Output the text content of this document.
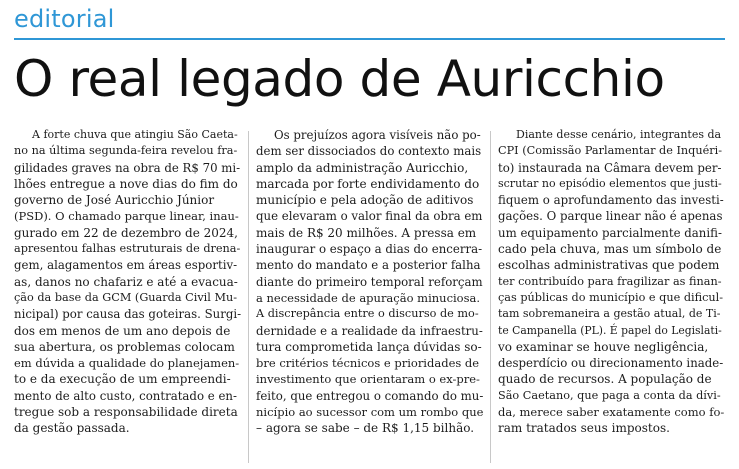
editorial
O real legado de Auricchio
A forte chuva que atingiu São Caeta-
no na última segunda-feira revelou fra-
gilidades graves na obra de R$ 70 mi-
lhões entregue a nove dias do fim do
governo de José Auricchio Júnior
(PSD). O chamado parque linear, inau-
gurado em 22 de dezembro de 2024,
apresentou falhas estruturais de drena-
gem, alagamentos em áreas esportiv-
as, danos no chafariz e até a evacua-
ção da base da GCM (Guarda Civil Mu-
nicipal) por causa das goteiras. Surgi-
dos em menos de um ano depois de
sua abertura, os problemas colocam
em dúvida a qualidade do planejamen-
to e da execução de um empreendi-
mento de alto custo, contratado e en-
tregue sob a responsabilidade direta
da gestão passada.
Os prejuízos agora visíveis não po-
dem ser dissociados do contexto mais
amplo da administração Auricchio,
marcada por forte endividamento do
município e pela adoção de aditivos
que elevaram o valor final da obra em
mais de R$ 20 milhões. A pressa em
inaugurar o espaço a dias do encerra-
mento do mandato e a posterior falha
diante do primeiro temporal reforçam
a necessidade de apuração minuciosa.
A discrepância entre o discurso de mo-
dernidade e a realidade da infraestru-
tura comprometida lança dúvidas so-
bre critérios técnicos e prioridades de
investimento que orientaram o ex-pre-
feito, que entregou o comando do mu-
nicípio ao sucessor com um rombo que
– agora se sabe – de R$ 1,15 bilhão.
Diante desse cenário, integrantes da
CPI (Comissão Parlamentar de Inquéri-
to) instaurada na Câmara devem per-
scrutar no episódio elementos que justi-
fiquem o aprofundamento das investi-
gações. O parque linear não é apenas
um equipamento parcialmente danifi-
cado pela chuva, mas um símbolo de
escolhas administrativas que podem
ter contribuído para fragilizar as finan-
ças públicas do município e que dificul-
tam sobremaneira a gestão atual, de Ti-
te Campanella (PL). É papel do Legislati-
vo examinar se houve negligência,
desperdício ou direcionamento inade-
quado de recursos. A população de
São Caetano, que paga a conta da dívi-
da, merece saber exatamente como fo-
ram tratados seus impostos.
